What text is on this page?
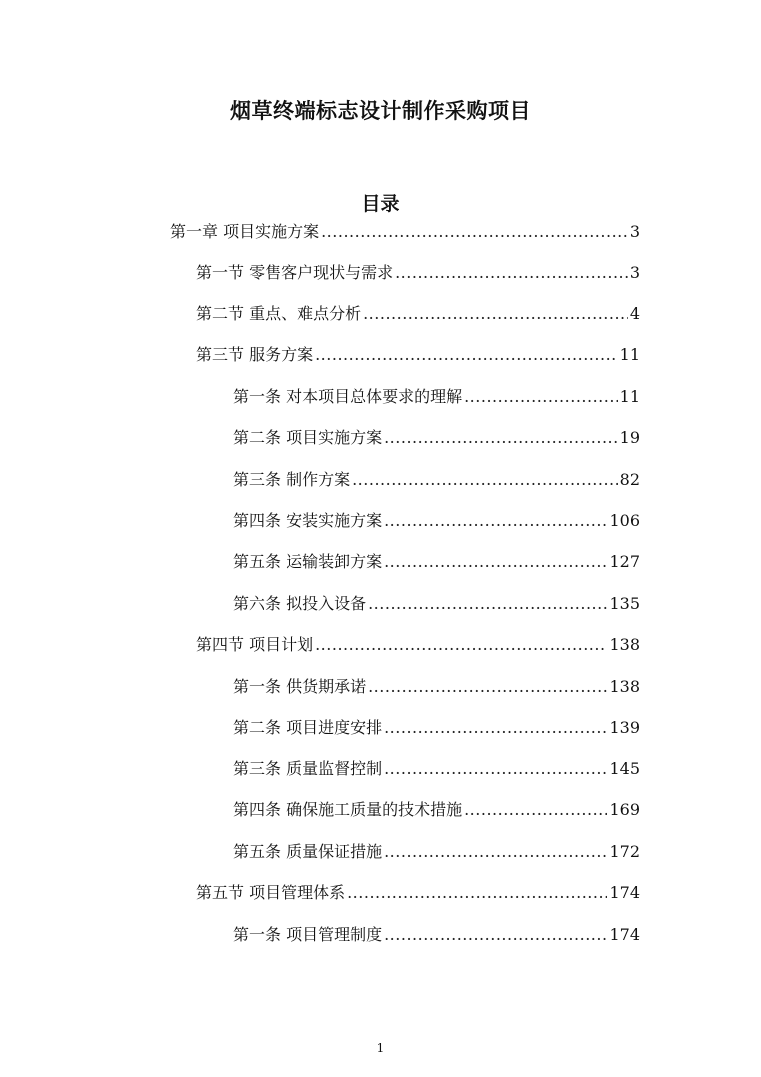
烟草终端标志设计制作采购项目
目录
第一章 项目实施方案 .....	3
第一节 零售客户现状与需求 .....	3
第二节 重点、难点分析 .....	4
第三节 服务方案 .....	11
第一条 对本项目总体要求的理解 .....	11
第二条 项目实施方案 .....	19
第三条 制作方案 .....	82
第四条 安装实施方案 .....	106
第五条 运输装卸方案 .....	127
第六条 拟投入设备 .....	135
第四节 项目计划 .....	138
第一条 供货期承诺 .....	138
第二条 项目进度安排 .....	139
第三条 质量监督控制 .....	145
第四条 确保施工质量的技术措施 .....	169
第五条 质量保证措施 .....	172
第五节 项目管理体系 .....	174
第一条 项目管理制度 .....	174
1
